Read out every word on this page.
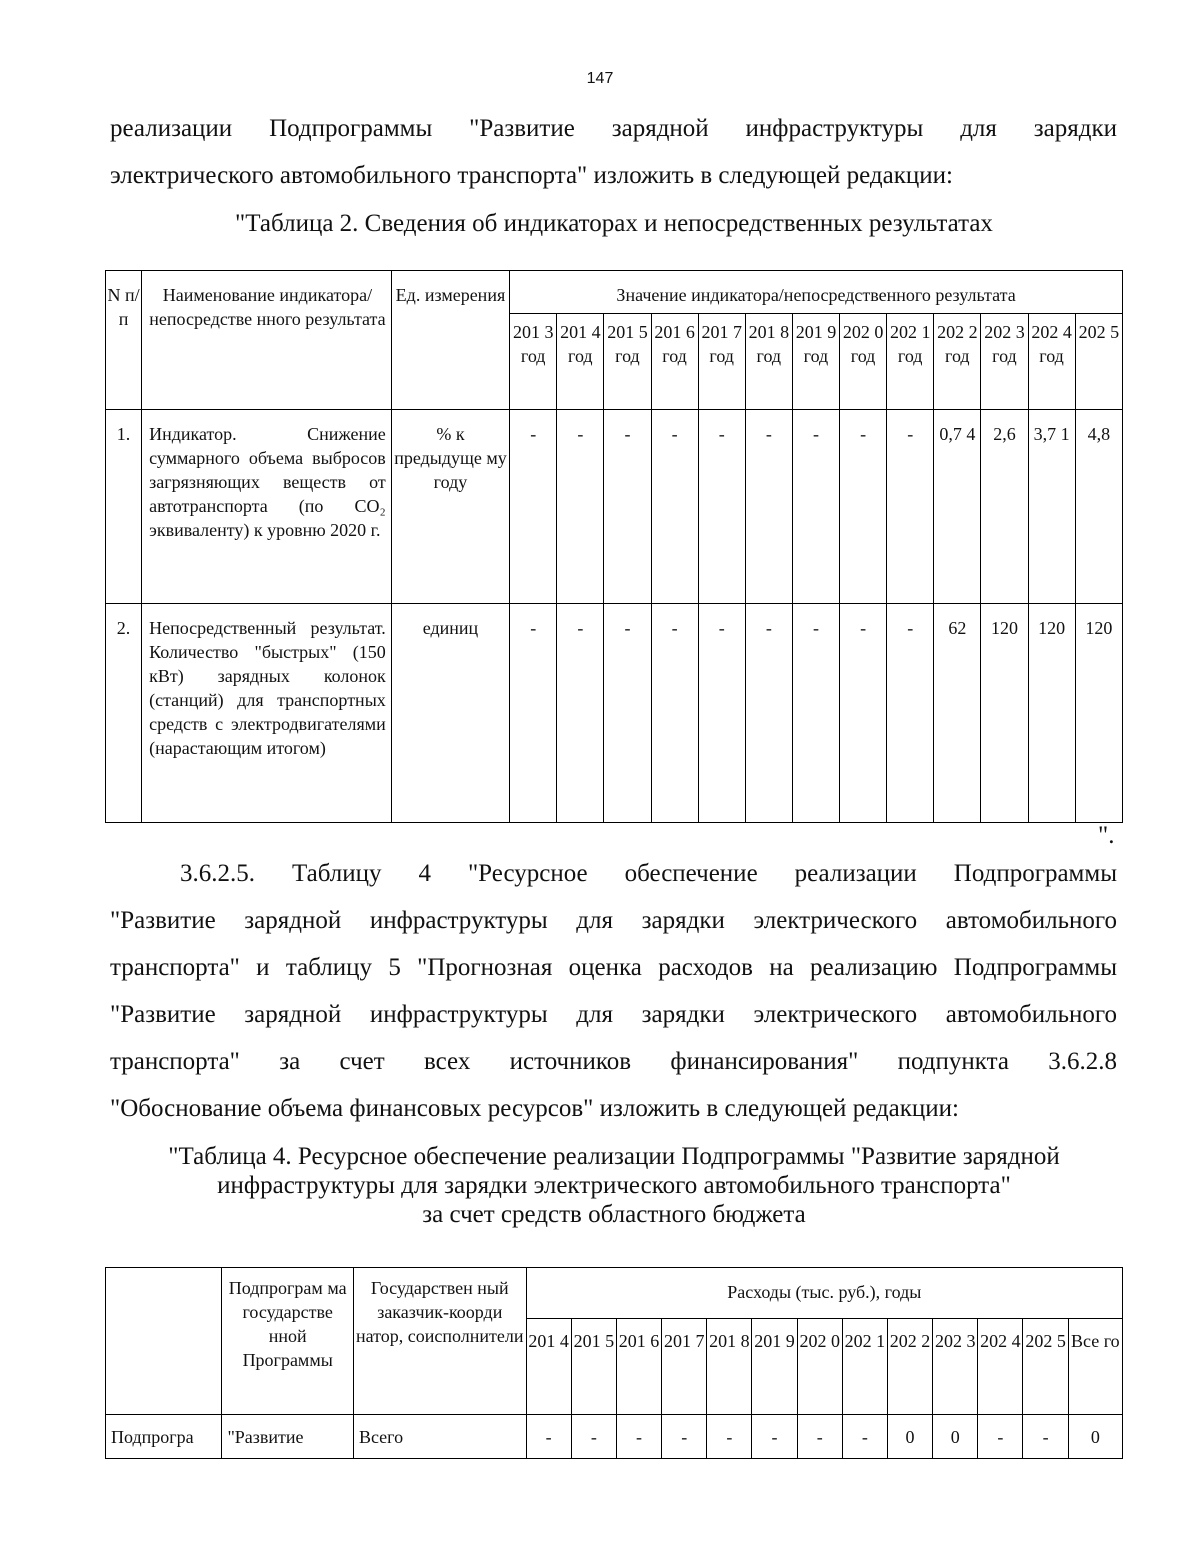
147
реализации Подпрограммы "Развитие зарядной инфраструктуры для зарядки
электрического автомобильного транспорта" изложить в следующей редакции:
"Таблица 2. Сведения об индикаторах и непосредственных результатах
N п/ п	Наименование индикатора/непосредстве нного результата	Ед. измерения	Значение индикатора/непосредственного результата												
			201 3 год	201 4 год	201 5 год	201 6 год	201 7 год	201 8 год	201 9 год	202 0 год	202 1 год	202 2 год	202 3 год	202 4 год	202 5
1.	Индикатор. Снижение суммарного объема выбросов загрязняющих веществ от автотранспорта (по CO₂ эквиваленту) к уровню 2020 г.	% к предыдуще му году	-	-	-	-	-	-	-	-	-	0,7 4	2,6	3,7 1	4,8
2.	Непосредственный результат. Количество "быстрых" (150 кВт) зарядных колонок (станций) для транспортных средств с электродвигателями (нарастающим итогом)	единиц	-	-	-	-	-	-	-	-	-	62	120	120	120
".
3.6.2.5. Таблицу 4 "Ресурсное обеспечение реализации Подпрограммы
"Развитие зарядной инфраструктуры для зарядки электрического автомобильного
транспорта" и таблицу 5 "Прогнозная оценка расходов на реализацию Подпрограммы
"Развитие зарядной инфраструктуры для зарядки электрического автомобильного
транспорта" за счет всех источников финансирования" подпункта 3.6.2.8
"Обоснование объема финансовых ресурсов" изложить в следующей редакции:
"Таблица 4. Ресурсное обеспечение реализации Подпрограммы "Развитие зарядной
инфраструктуры для зарядки электрического автомобильного транспорта"
за счет средств областного бюджета
	Подпрограм ма государстве нной Программы	Государствен ный заказчик-коорди натор, соисполнители	Расходы (тыс. руб.), годы												
			201 4	201 5	201 6	201 7	201 8	201 9	202 0	202 1	202 2	202 3	202 4	202 5	Все го
Подпрогра	"Развитие	Всего	-	-	-	-	-	-	-	-	0	0	-	-	0
